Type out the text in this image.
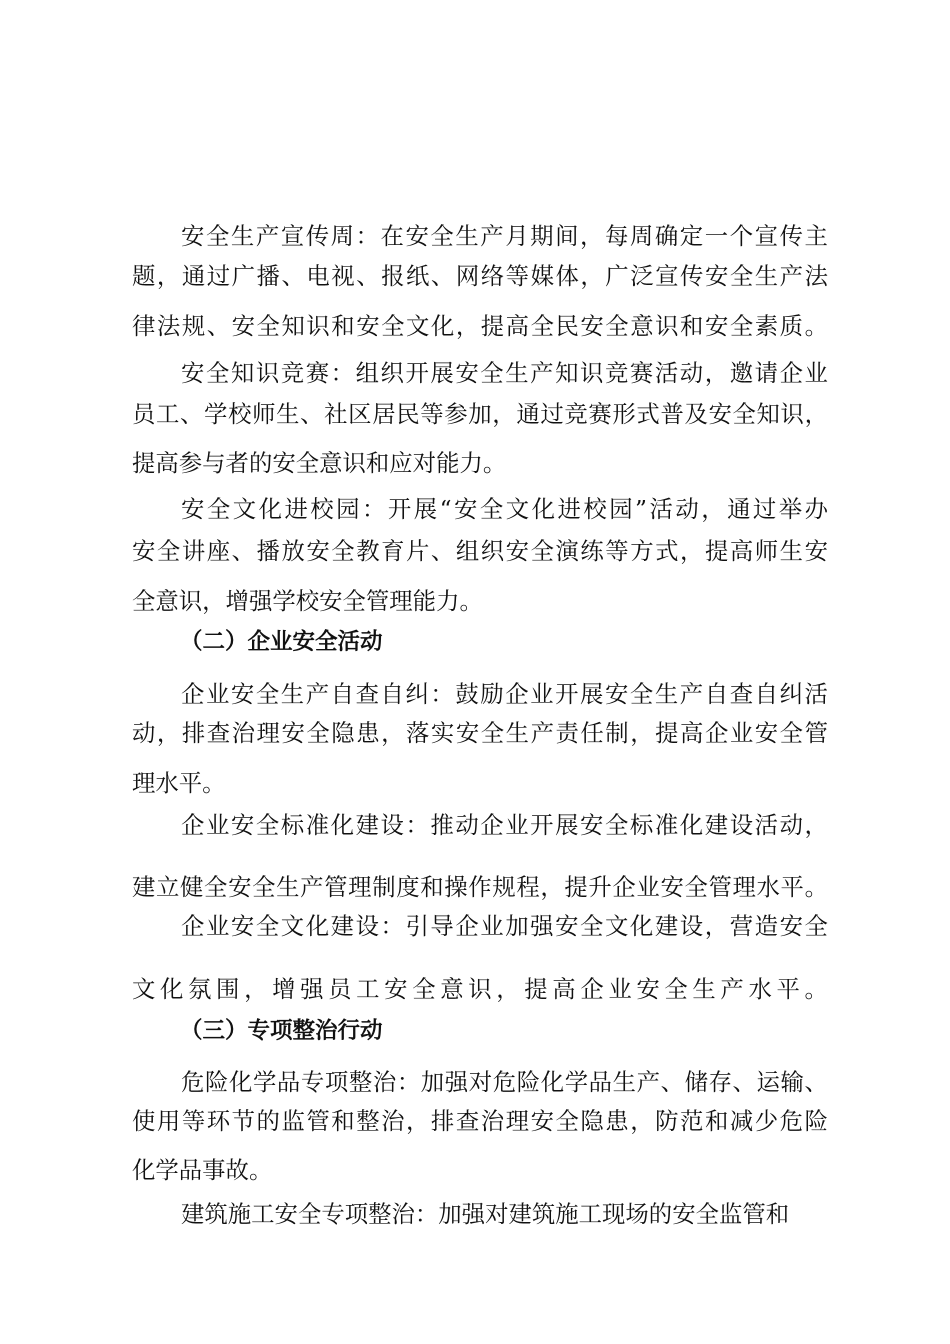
安全生产宣传周：在安全生产月期间，每周确定一个宣传主
题，通过广播、电视、报纸、网络等媒体，广泛宣传安全生产法
律法规、安全知识和安全文化，提高全民安全意识和安全素质。
安全知识竞赛：组织开展安全生产知识竞赛活动，邀请企业
员工、学校师生、社区居民等参加，通过竞赛形式普及安全知识，
提高参与者的安全意识和应对能力。
安全文化进校园：开展“安全文化进校园”活动，通过举办
安全讲座、播放安全教育片、组织安全演练等方式，提高师生安
全意识，增强学校安全管理能力。
（二）企业安全活动
企业安全生产自查自纠：鼓励企业开展安全生产自查自纠活
动，排查治理安全隐患，落实安全生产责任制，提高企业安全管
理水平。
企业安全标准化建设：推动企业开展安全标准化建设活动，
建立健全安全生产管理制度和操作规程，提升企业安全管理水平。
企业安全文化建设：引导企业加强安全文化建设，营造安全
文化氛围，增强员工安全意识，提高企业安全生产水平。
（三）专项整治行动
危险化学品专项整治：加强对危险化学品生产、储存、运输、
使用等环节的监管和整治，排查治理安全隐患，防范和减少危险
化学品事故。
建筑施工安全专项整治：加强对建筑施工现场的安全监管和
